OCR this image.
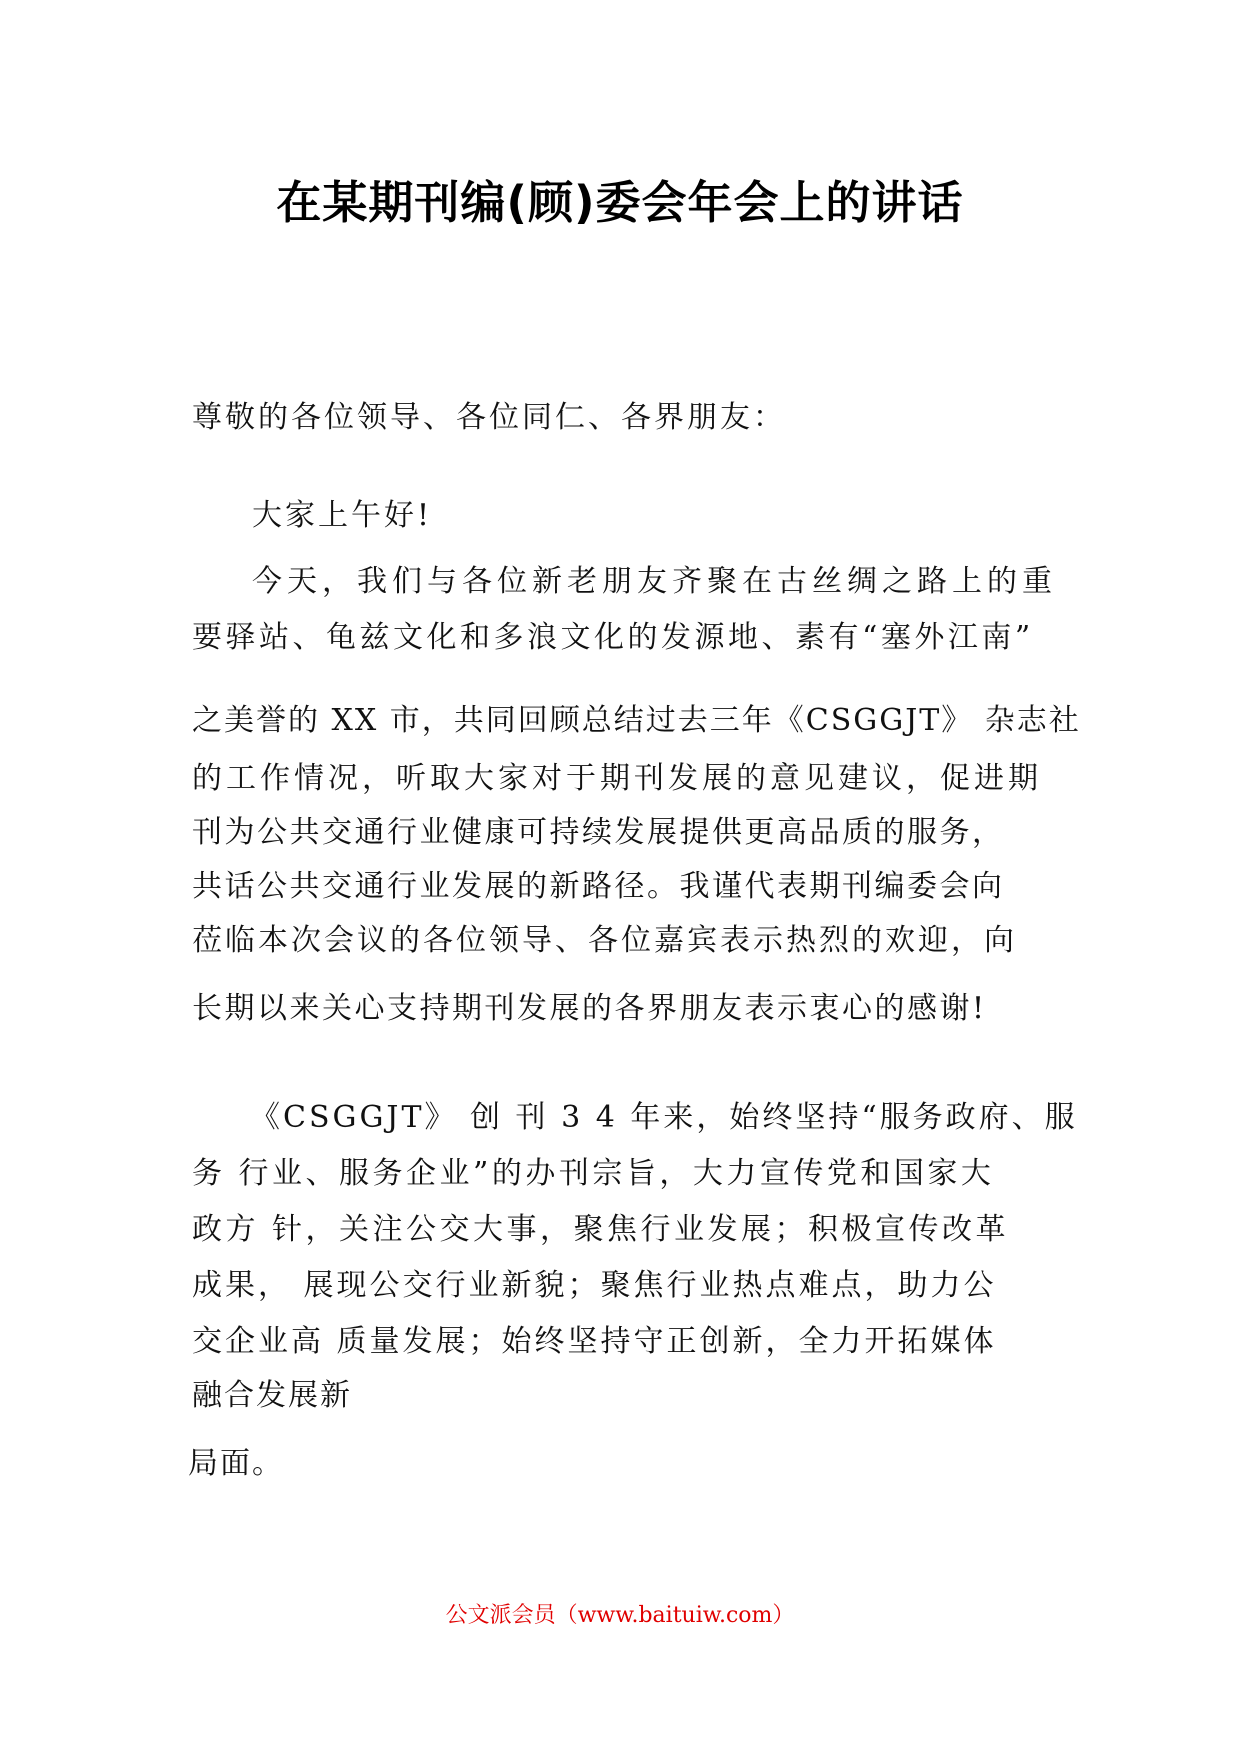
在某期刊编(顾)委会年会上的讲话
尊敬的各位领导、各位同仁、各界朋友：
大家上午好!
今天，我们与各位新老朋友齐聚在古丝绸之路上的重
要驿站、龟兹文化和多浪文化的发源地、素有“塞外江南”
之美誉的 XX 市，共同回顾总结过去三年《CSGGJT》 杂志社
的工作情况，听取大家对于期刊发展的意见建议，促进期
刊为公共交通行业健康可持续发展提供更高品质的服务，
共话公共交通行业发展的新路径。我谨代表期刊编委会向
莅临本次会议的各位领导、各位嘉宾表示热烈的欢迎，向
长期以来关心支持期刊发展的各界朋友表示衷心的感谢!
《CSGGJT》 创 刊 3 4 年来，始终坚持“服务政府、服
务 行业、服务企业”的办刊宗旨，大力宣传党和国家大
政方 针，关注公交大事，聚焦行业发展；积极宣传改革
成果， 展现公交行业新貌；聚焦行业热点难点，助力公
交企业高 质量发展；始终坚持守正创新，全力开拓媒体
融合发展新
局面。
公文派会员（www.baituiw.com）
